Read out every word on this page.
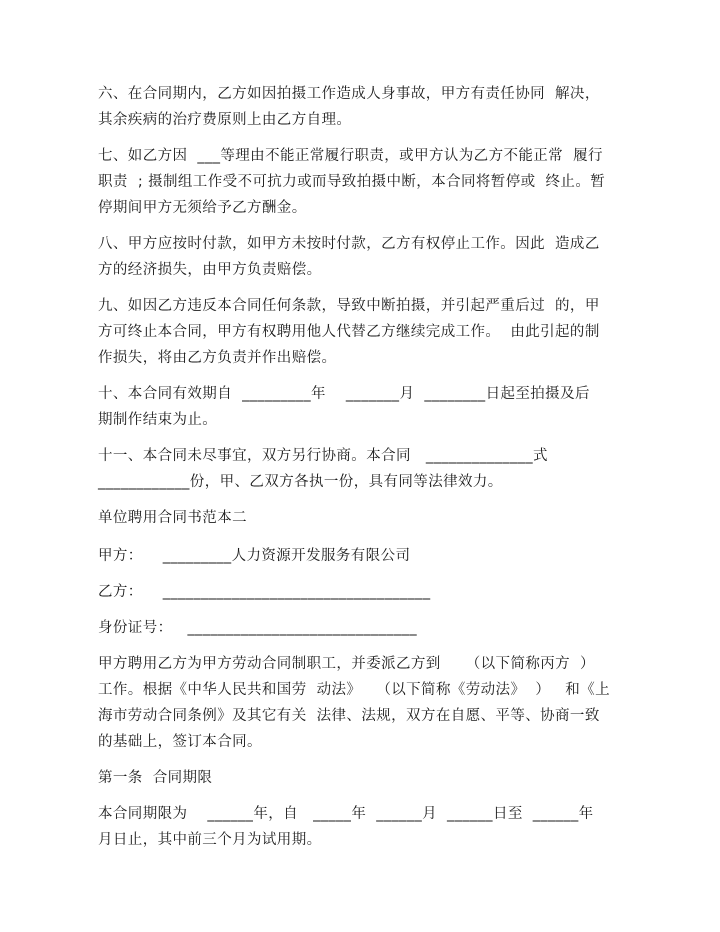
六、在合同期内，乙方如因拍摄工作造成人身事故，甲方有责任协同  解决，
其余疾病的治疗费原则上由乙方自理。
七、如乙方因  ___等理由不能正常履行职责，或甲方认为乙方不能正常  履行
职责  ; 摄制组工作受不可抗力或而导致拍摄中断，本合同将暂停或  终止。暂
停期间甲方无须给予乙方酬金。
八、甲方应按时付款，如甲方未按时付款，乙方有权停止工作。因此  造成乙
方的经济损失，由甲方负责赔偿。
九、如因乙方违反本合同任何条款，导致中断拍摄，并引起严重后过  的，甲
方可终止本合同，甲方有权聘用他人代替乙方继续完成工作。  由此引起的制
作损失，将由乙方负责并作出赔偿。
十、本合同有效期自  _________年    _______月  ________日起至拍摄及后
期制作结束为止。
十一、本合同未尽事宜，双方另行协商。本合同   ______________式
____________份，甲、乙双方各执一份，具有同等法律效力。
单位聘用合同书范本二
甲方：    _________人力资源开发服务有限公司
乙方：    ___________________________________
身份证号：   ______________________________
甲方聘用乙方为甲方劳动合同制职工，并委派乙方到     （以下简称丙方  ）
工作。根据《中华人民共和国劳  动法》   （以下简称《劳动法》  ）   和《上
海市劳动合同条例》及其它有关  法律、法规，双方在自愿、平等、协商一致
的基础上，签订本合同。
第一条  合同期限
本合同期限为    ______年，自   _____年  ______月  ______日至  ______年
月日止，其中前三个月为试用期。
